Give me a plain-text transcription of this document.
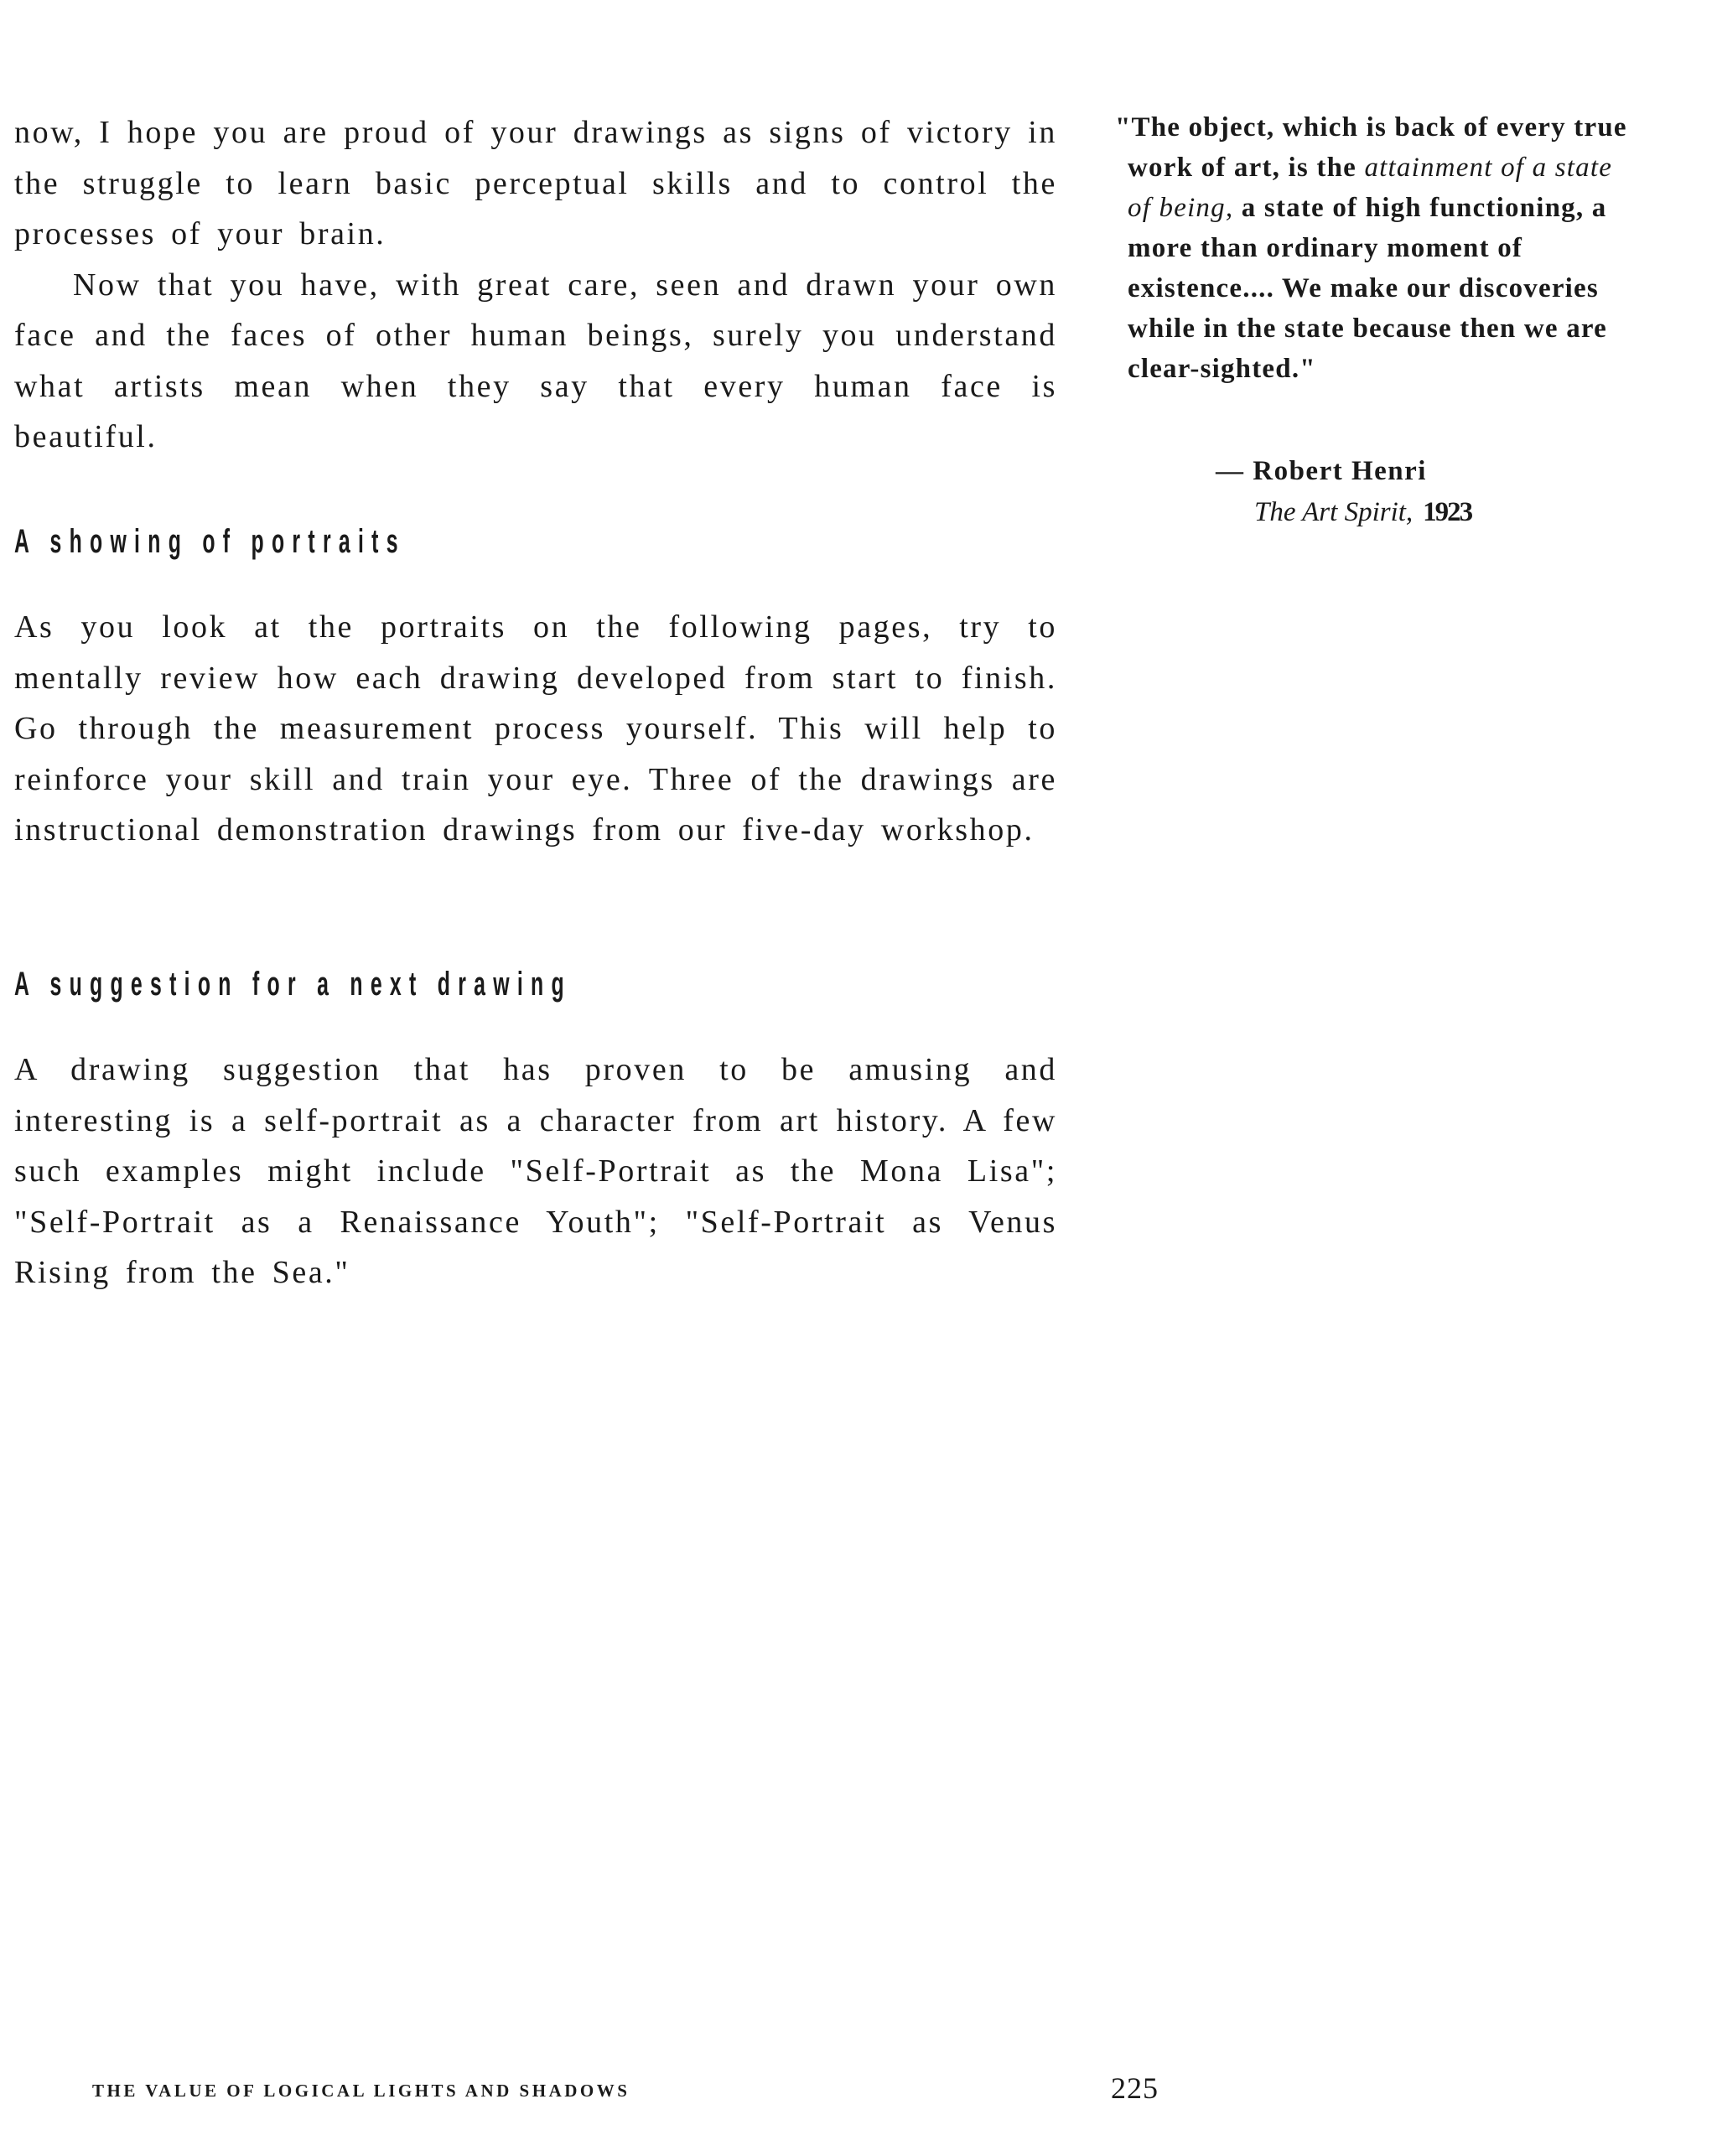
now, I hope you are proud of your drawings as signs of victory in the struggle to learn basic perceptual skills and to control the processes of your brain.

Now that you have, with great care, seen and drawn your own face and the faces of other human beings, surely you understand what artists mean when they say that every human face is beautiful.

A showing of portraits

As you look at the portraits on the following pages, try to mentally review how each drawing developed from start to finish. Go through the measurement process yourself. This will help to reinforce your skill and train your eye. Three of the drawings are instructional demonstration drawings from our five-day workshop.

A suggestion for a next drawing

A drawing suggestion that has proven to be amusing and interesting is a self-portrait as a character from art history. A few such examples might include "Self-Portrait as the Mona Lisa"; "Self-Portrait as a Renaissance Youth"; "Self-Portrait as Venus Rising from the Sea."

"The object, which is back of every true work of art, is the attainment of a state of being, a state of high functioning, a more than ordinary moment of existence.... We make our discoveries while in the state because then we are clear-sighted."

— Robert Henri
The Art Spirit, 1923
THE VALUE OF LOGICAL LIGHTS AND SHADOWS	225
